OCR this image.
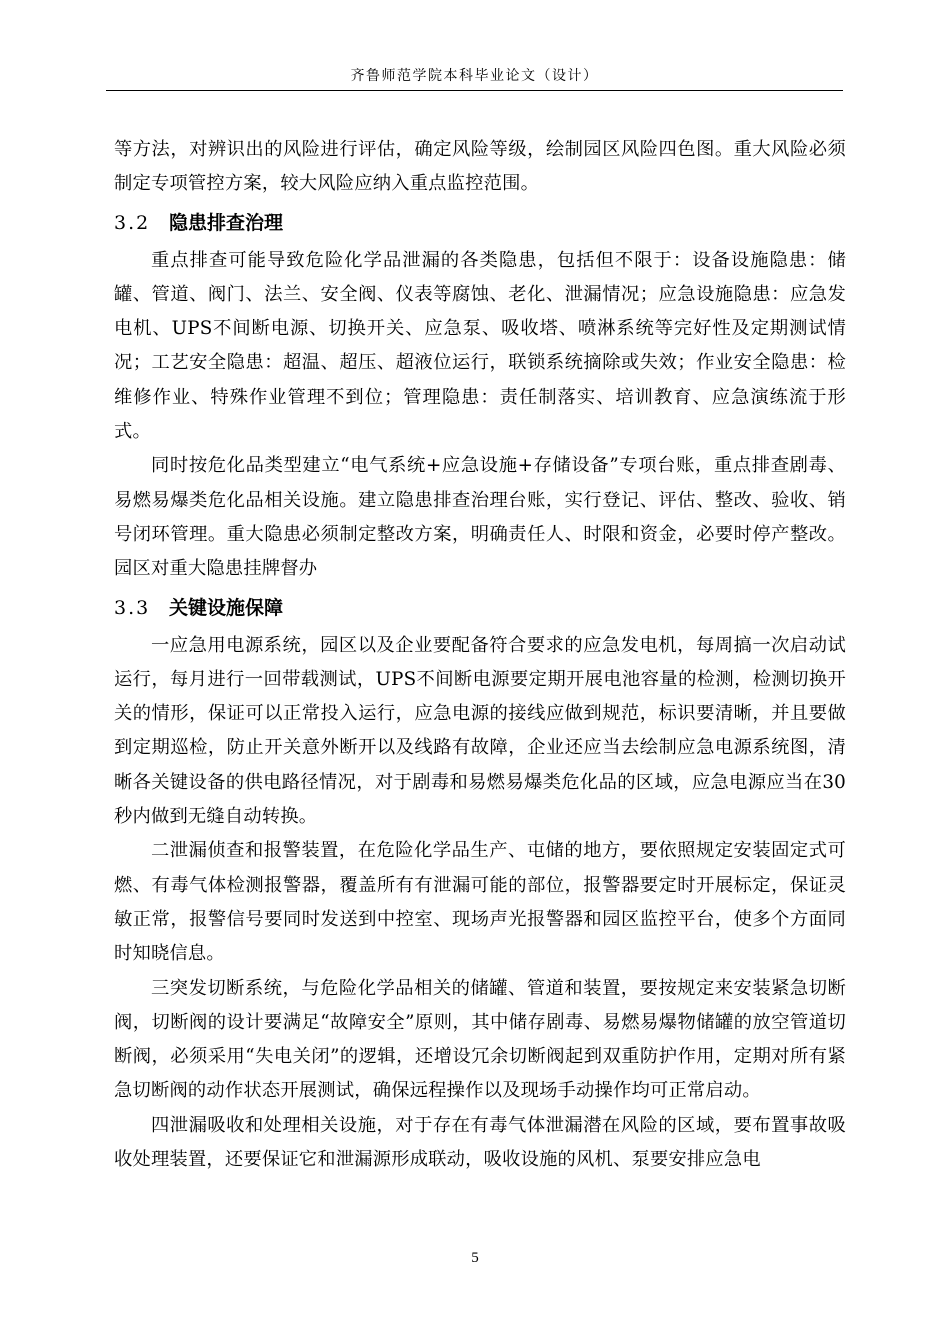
齐鲁师范学院本科毕业论文（设计）

等方法，对辨识出的风险进行评估，确定风险等级，绘制园区风险四色图。重大风险必须制定专项管控方案，较大风险应纳入重点监控范围。

3.2 隐患排查治理

重点排查可能导致危险化学品泄漏的各类隐患，包括但不限于：设备设施隐患：储罐、管道、阀门、法兰、安全阀、仪表等腐蚀、老化、泄漏情况；应急设施隐患：应急发电机、UPS不间断电源、切换开关、应急泵、吸收塔、喷淋系统等完好性及定期测试情况；工艺安全隐患：超温、超压、超液位运行，联锁系统摘除或失效；作业安全隐患：检维修作业、特殊作业管理不到位；管理隐患：责任制落实、培训教育、应急演练流于形式。

同时按危化品类型建立“电气系统+应急设施+存储设备”专项台账，重点排查剧毒、易燃易爆类危化品相关设施。建立隐患排查治理台账，实行登记、评估、整改、验收、销号闭环管理。重大隐患必须制定整改方案，明确责任人、时限和资金，必要时停产整改。园区对重大隐患挂牌督办

3.3 关键设施保障

一应急用电源系统，园区以及企业要配备符合要求的应急发电机，每周搞一次启动试运行，每月进行一回带载测试，UPS不间断电源要定期开展电池容量的检测，检测切换开关的情形，保证可以正常投入运行，应急电源的接线应做到规范，标识要清晰，并且要做到定期巡检，防止开关意外断开以及线路有故障，企业还应当去绘制应急电源系统图，清晰各关键设备的供电路径情况，对于剧毒和易燃易爆类危化品的区域，应急电源应当在30秒内做到无缝自动转换。

二泄漏侦查和报警装置，在危险化学品生产、屯储的地方，要依照规定安装固定式可燃、有毒气体检测报警器，覆盖所有有泄漏可能的部位，报警器要定时开展标定，保证灵敏正常，报警信号要同时发送到中控室、现场声光报警器和园区监控平台，使多个方面同时知晓信息。

三突发切断系统，与危险化学品相关的储罐、管道和装置，要按规定来安装紧急切断阀，切断阀的设计要满足“故障安全”原则，其中储存剧毒、易燃易爆物储罐的放空管道切断阀，必须采用“失电关闭”的逻辑，还增设冗余切断阀起到双重防护作用，定期对所有紧急切断阀的动作状态开展测试，确保远程操作以及现场手动操作均可正常启动。

四泄漏吸收和处理相关设施，对于存在有毒气体泄漏潜在风险的区域，要布置事故吸收处理装置，还要保证它和泄漏源形成联动，吸收设施的风机、泵要安排应急电

5
